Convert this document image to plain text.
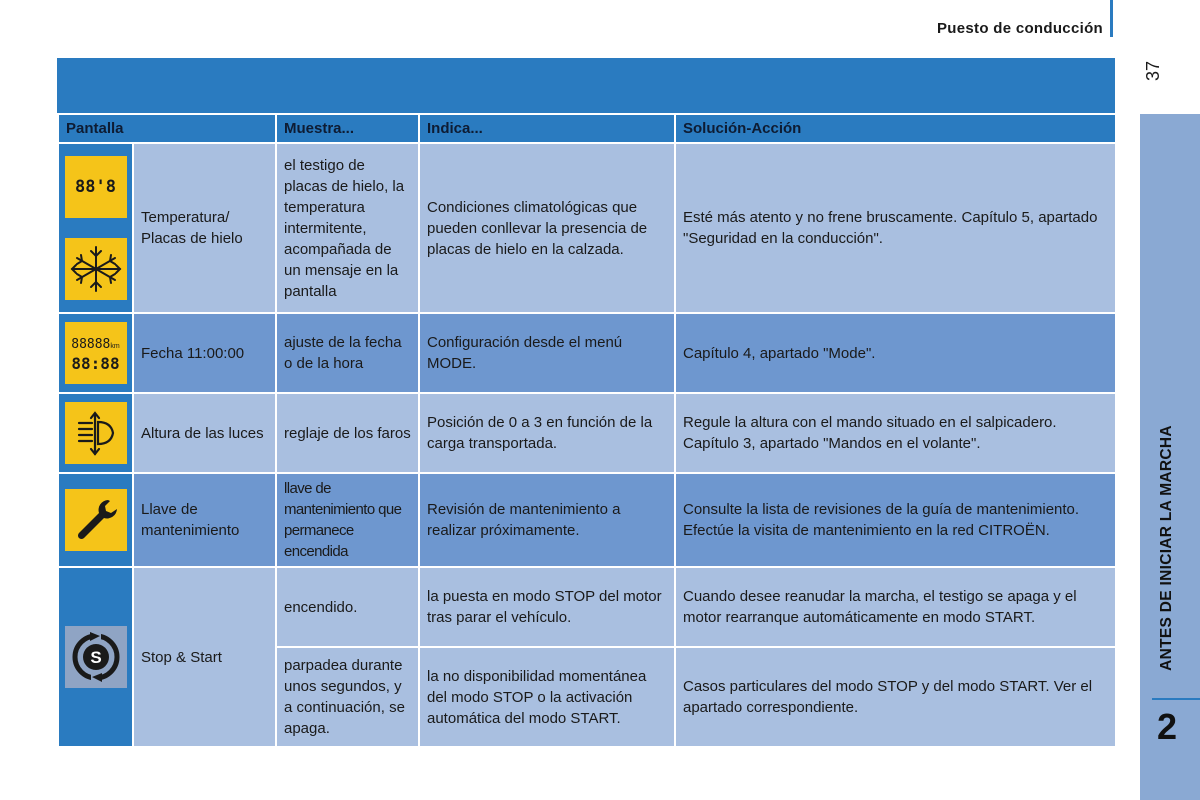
Puesto de conducción
37
ANTES DE INICIAR LA MARCHA
2
Pantalla		Muestra...	Indica...	Solución-Acción

88'8	Temperatura/ Placas de hielo	el testigo de placas de hielo, la temperatura intermitente, acompañada de un mensaje en la pantalla	Condiciones climatológicas que pueden conllevar la presencia de placas de hielo en la calzada.	Esté más atento y no frene bruscamente. Capítulo 5, apartado "Seguridad en la conducción".

88888km
88:88	Fecha 11:00:00	ajuste de la fecha o de la hora	Configuración desde el menú MODE.	Capítulo 4, apartado "Mode".

	Altura de las luces	reglaje de los faros	Posición de 0 a 3 en función de la carga transportada.	Regule la altura con el mando situado en el salpicadero. Capítulo 3, apartado "Mandos en el volante".

	Llave de mantenimiento	llave de mantenimiento que permanece encendida	Revisión de mantenimiento a realizar próximamente.	Consulte la lista de revisiones de la guía de mantenimiento. Efectúe la visita de mantenimiento en la red CITROËN.

S	Stop & Start	encendido.	la puesta en modo STOP del motor tras parar el vehículo.	Cuando desee reanudar la marcha, el testigo se apaga y el motor rearranque automáticamente en modo START.
		parpadea durante unos segundos, y a continuación, se apaga.	la no disponibilidad momentánea del modo STOP o la activación automática del modo START.	Casos particulares del modo STOP y del modo START. Ver el apartado correspondiente.
